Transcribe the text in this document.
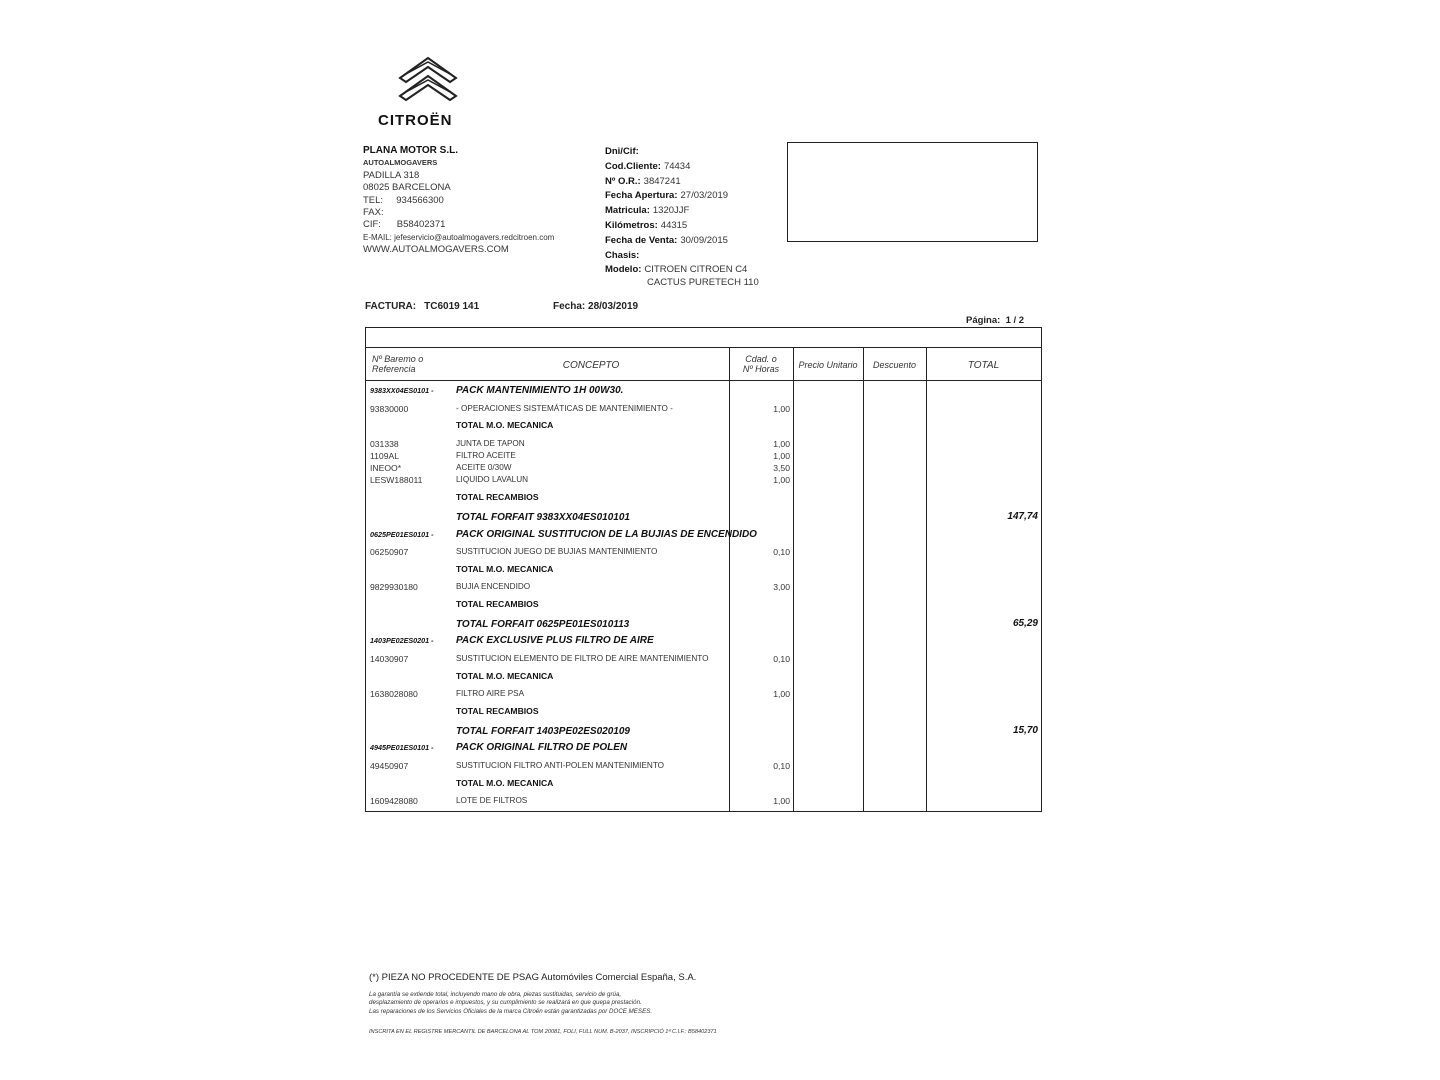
CITROËN
PLANA MOTOR S.L.
AUTOALMOGAVERS
PADILLA 318
08025 BARCELONA
TEL:     934566300
FAX:
CIF:      B58402371
E-MAIL: jefeservicio@autoalmogavers.redcitroen.com
WWW.AUTOALMOGAVERS.COM
Dni/Cif:
Cod.Cliente: 74434
Nº O.R.: 3847241
Fecha Apertura: 27/03/2019
Matricula: 1320JJF
Kilómetros: 44315
Fecha de Venta: 30/09/2015
Chasis:
Modelo: CITROEN CITROEN C4
CACTUS PURETECH 110
FACTURA: TC6019 141	Fecha: 28/03/2019
Página: 1 / 2
Nº Baremo o
Referencia	CONCEPTO
Cdad. o
Nº Horas	Precio Unitario	Descuento	TOTAL
9383XX04ES0101 - PACK MANTENIMIENTO 1H 00W30.
93830000	- OPERACIONES SISTEMÁTICAS DE MANTENIMIENTO -	1,00
TOTAL M.O. MECANICA
031338	JUNTA DE TAPON	1,00
1109AL	FILTRO ACEITE	1,00
INEOO*	ACEITE 0/30W	3,50
LESW188011	LIQUIDO LAVALUN	1,00
TOTAL RECAMBIOS
TOTAL FORFAIT 9383XX04ES010101	147,74
0625PE01ES0101 - PACK ORIGINAL SUSTITUCION DE LA BUJIAS DE ENCENDIDO
06250907	SUSTITUCION JUEGO DE BUJIAS MANTENIMIENTO	0,10
TOTAL M.O. MECANICA
9829930180	BUJIA ENCENDIDO	3,00
TOTAL RECAMBIOS
TOTAL FORFAIT 0625PE01ES010113	65,29
1403PE02ES0201 - PACK EXCLUSIVE PLUS FILTRO DE AIRE
14030907	SUSTITUCION ELEMENTO DE FILTRO DE AIRE MANTENIMIENTO	0,10
TOTAL M.O. MECANICA
1638028080	FILTRO AIRE PSA	1,00
TOTAL RECAMBIOS
TOTAL FORFAIT 1403PE02ES020109	15,70
4945PE01ES0101 - PACK ORIGINAL FILTRO DE POLEN
49450907	SUSTITUCION FILTRO ANTI-POLEN MANTENIMIENTO	0,10
TOTAL M.O. MECANICA
1609428080	LOTE DE FILTROS	1,00
(*) PIEZA NO PROCEDENTE DE PSAG Automóviles Comercial España, S.A.
La garantía se extiende total, incluyendo mano de obra, piezas sustituidas, servicio de grúa,
desplazamiento de operarios e impuestos, y su cumplimiento se realizará en que quepa prestación.
Las reparaciones de los Servicios Oficiales de la marca Citroën están garantizadas por DOCE MESES.
INSCRITA EN EL REGISTRE MERCANTIL DE BARCELONA AL TOM 20081, FOLI, FULL NUM. B-2037, INSCRIPCIÓ 1ª C.I.F.: B58402371
